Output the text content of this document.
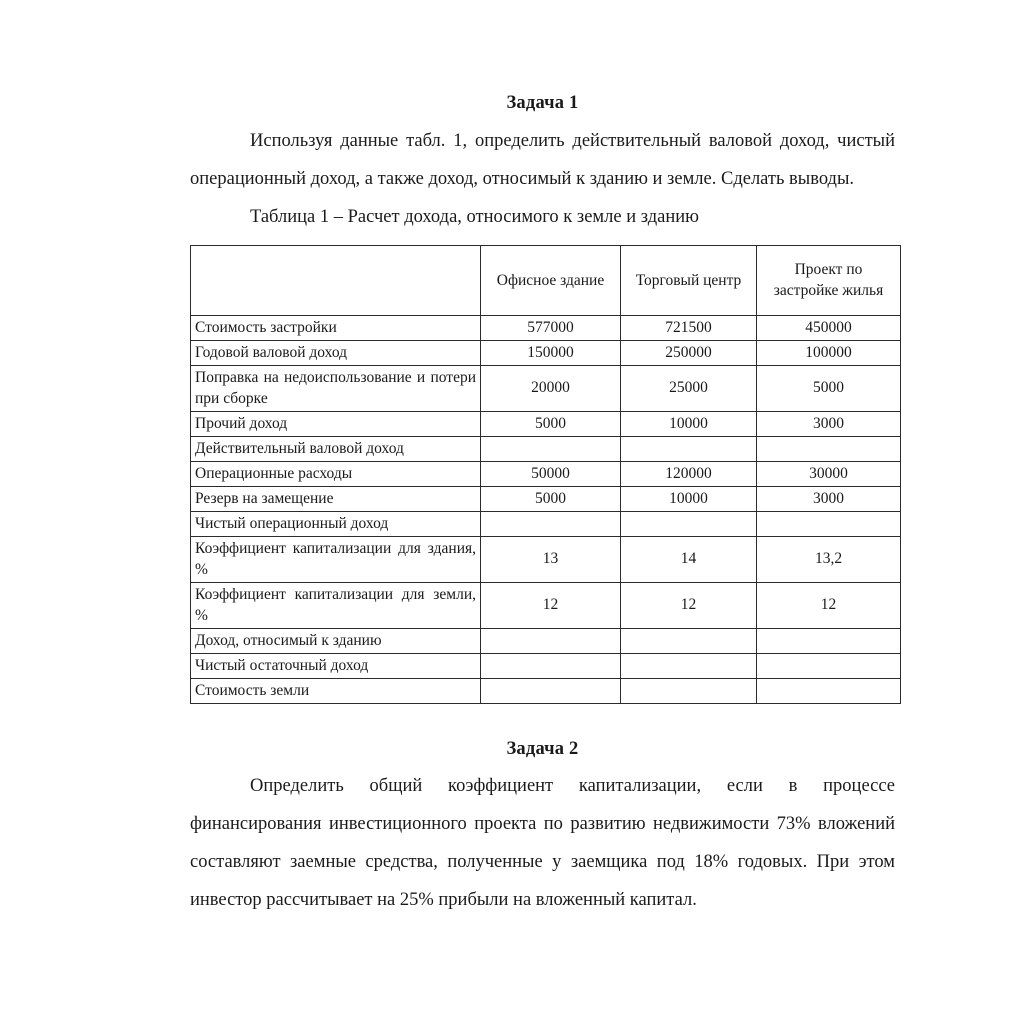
Задача 1

Используя данные табл. 1, определить действительный валовой доход, чистый операционный доход, а также доход, относимый к зданию и земле. Сделать выводы.

Таблица 1 – Расчет дохода, относимого к земле и зданию

	Офисное здание	Торговый центр	Проект по застройке жилья
Стоимость застройки	577000	721500	450000
Годовой валовой доход	150000	250000	100000
Поправка на недоиспользование и потери при сборке	20000	25000	5000
Прочий доход	5000	10000	3000
Действительный валовой доход			
Операционные расходы	50000	120000	30000
Резерв на замещение	5000	10000	3000
Чистый операционный доход			
Коэффициент капитализации для здания, %	13	14	13,2
Коэффициент капитализации для земли, %	12	12	12
Доход, относимый к зданию			
Чистый остаточный доход			
Стоимость земли			
Задача 2

Определить общий коэффициент капитализации, если в процессе финансирования инвестиционного проекта по развитию недвижимости 73% вложений составляют заемные средства, полученные у заемщика под 18% годовых. При этом инвестор рассчитывает на 25% прибыли на вложенный капитал.
